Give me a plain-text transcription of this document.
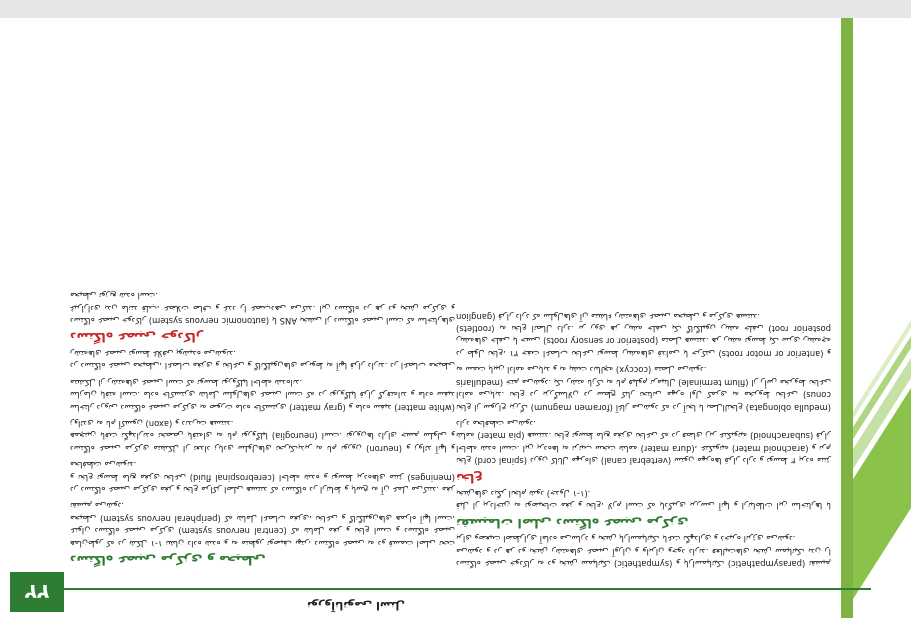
۲۲
نوروآناتومی اسنل
دستگاه عصبی مرکزی و محیطی

همان‌طور که در شکل ۱-۱ نشان داده شده و به منظور توصیف بهتر، دستگاه عصبی به دو قسمت اصلی تحت عنوان دستگاه عصبی مرکزی (central nervous system) که شامل مغز و نخاع است و دستگاه عصبی محیطی (peripheral nervous system) که شامل اعصاب مغزی، نخاعی و گانگلیون‌های همراه آنها است، تقسیم می‌شود.

در دستگاه عصبی مرکزی مغز و نخاع مراکز اصلی هستند که دستگاه در ارتباط و پاسخ به آن عمل می‌کنند. مغز و نخاع توسط مایع مغزی نخاعی (cerebrospinal fluid) احاطه شده و توسط پرده‌های مننژ (meninges) محافظت می‌شوند.

دستگاه عصبی مرکزی متشکل از تعداد زیادی سلول‌های تحریک‌پذیر به نام نورون (neuron) و زوائد آنها و همچنین بافت نگهدارنده تخصص یافته‌ای به نام نوروگلیا (neuroglia) است. نورون‌ها دارای جسم سلولی و زوائدی به نام آکسون (axon) و دندریت هستند.

ساختار درونی دستگاه عصبی مرکزی به صورت ماده خاکستری (gray matter) و ماده سفید (white matter) سازمان یافته است. ماده خاکستری شامل سلول‌های عصبی است که در نوروگلیا قرار گرفته‌اند و ماده سفید متشکل از رشته‌های عصبی است که توسط نوروگلیا احاطه شده‌اند.

در دستگاه عصبی محیطی، اعصاب مغزی و نخاعی و گانگلیون‌های مربوط به آنها قرار دارند. در اعصاب محیطی رشته‌های عصبی توسط غلافی پوشیده می‌شوند.

دستگاه عصبی خودکار

دستگاه عصبی خودکار (autonomic nervous system) یا ANS بخشی از دستگاه عصبی است که ساختارهای غیرارادی بدن مانند قلب، عضلات صاف و غدد را عصب‌دهی می‌کند. این دستگاه در هر دو بخش مرکزی و محیطی توزیع شده است.

دستگاه عصبی خودکار به دو بخش سمپاتیک (sympathetic) و پاراسمپاتیک (parasympathetic) تقسیم می‌شود و در هر دو بخش رشته‌های عصبی آوران و وابران وجود دارند. فعالیت‌های بخش سمپاتیک بدن را برای وضعیت اضطراری آماده می‌سازد و بخش پاراسمپاتیک باعث نگهداری و ذخیره انرژی می‌شود.

تقسیمات اصلی دستگاه عصبی مرکزی

قبل از پرداختن به توضیحات مغز و نخاع، لازم است که یادگیری بررسی آنها و ارتباطات این ساختارها با بخش‌های دیگر انجام شود (جدول ۱-۱).

نخاع

نخاع (spinal cord) درون کانال مهره‌ای (vertebral canal) ستون مهره‌ها قرار دارد و توسط ۳ پرده مننژ احاطه شده است. این پرده‌ها به ترتیب سخت شامه (dura mater)، عنکبوتیه (arachnoid mater) و نرم شامه (pia mater) هستند. نخاع توسط مایع مغزی نخاعی که در فضای زیر عنکبوتیه (subarachnoid) قرار دارد محافظت می‌شود.

نخاع از سوراخ بزرگ (foramen magnum) آغاز می‌شود که در آنجا با بصل‌النخاع (medulla oblongata) ادامه می‌یابد. نخاع در بزرگسالان در سطح کنار تحتانی مهره اول کمری به مخروط نخاعی (conus medullaris) ختم می‌شود. یک رشته نازک به نام فیلوم ترمینال (filum terminale) از رأس مخروط نخاعی به سمت پایین ادامه می‌یابد و به پشت دنبالچه (coccyx) متصل می‌شود.

در طول نخاع، ۳۱ جفت اعصاب نخاعی توسط ریشه‌های قدامی یا حرکتی (anterior or motor roots) و ریشه‌های خلفی یا حسی (posterior or sensory roots) متصل هستند. هر ریشه توسط یک سری ریشه‌چه (rootlets) به نخاع اتصال دارد. بر روی هر ریشه خلفی یک گانگلیون ریشه خلفی (posterior root ganglion) قرار دارد که سلول‌های آن منشاء رشته‌های عصبی محیطی و مرکزی هستند.
